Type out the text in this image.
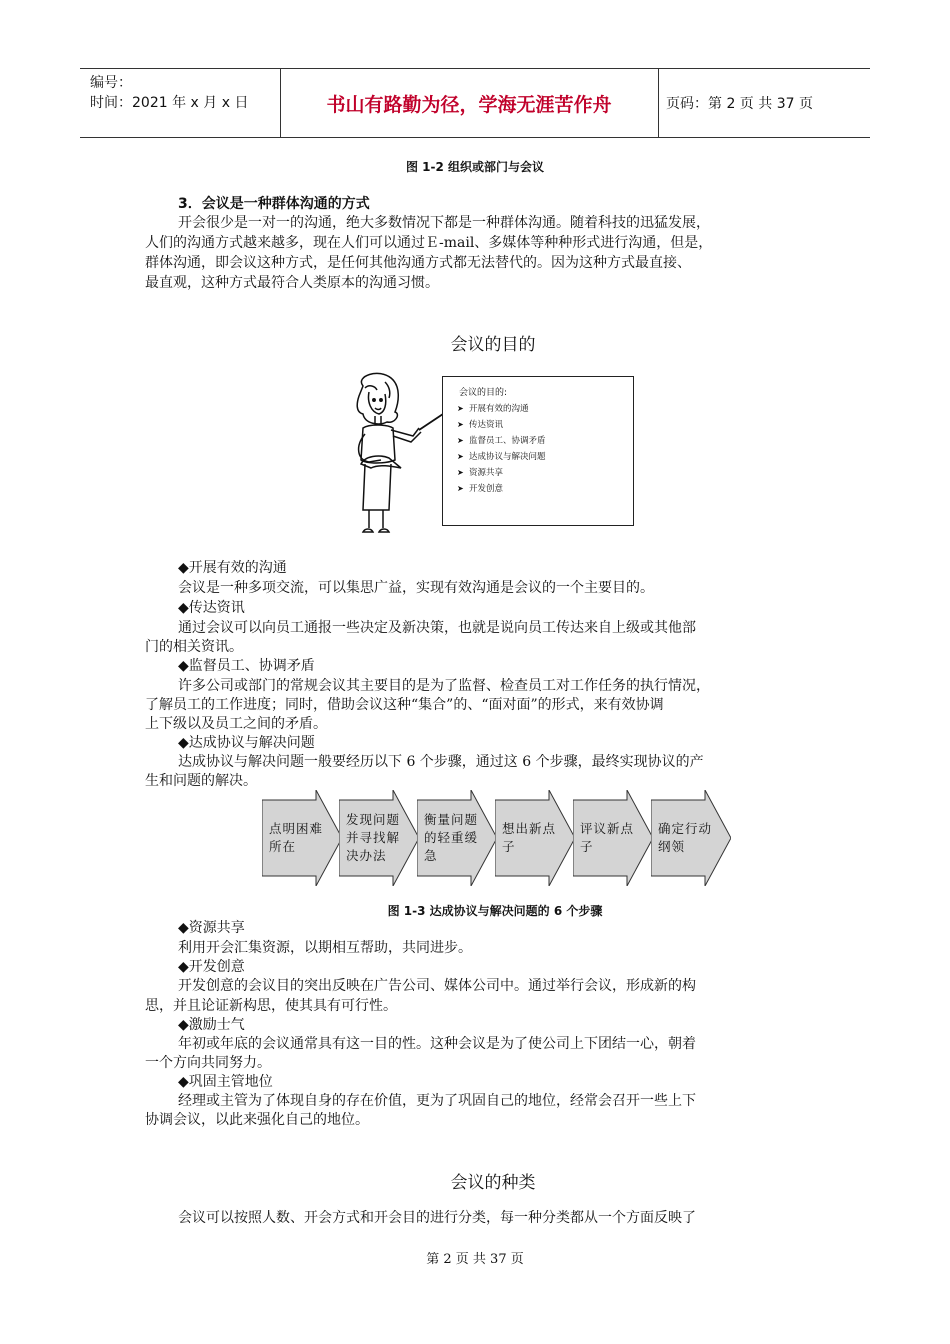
编号：
时间：2021 年 x 月 x 日	书山有路勤为径，学海无涯苦作舟	页码：第 2 页 共 37 页
图 1-2 组织或部门与会议
3．会议是一种群体沟通的方式
开会很少是一对一的沟通，绝大多数情况下都是一种群体沟通。随着科技的迅猛发展，
人们的沟通方式越来越多，现在人们可以通过Ｅ-mail、多媒体等种种形式进行沟通，但是，
群体沟通，即会议这种方式，是任何其他沟通方式都无法替代的。因为这种方式最直接、
最直观，这种方式最符合人类原本的沟通习惯。
会议的目的
会议的目的:
➤ 开展有效的沟通
➤ 传达资讯
➤ 监督员工、协调矛盾
➤ 达成协议与解决问题
➤ 资源共享
➤ 开发创意
◆开展有效的沟通
会议是一种多项交流，可以集思广益，实现有效沟通是会议的一个主要目的。
◆传达资讯
通过会议可以向员工通报一些决定及新决策，也就是说向员工传达来自上级或其他部
门的相关资讯。
◆监督员工、协调矛盾
许多公司或部门的常规会议其主要目的是为了监督、检查员工对工作任务的执行情况，
了解员工的工作进度；同时，借助会议这种“集合”的、“面对面”的形式，来有效协调
上下级以及员工之间的矛盾。
◆达成协议与解决问题
达成协议与解决问题一般要经历以下 6 个步骤，通过这 6 个步骤，最终实现协议的产
生和问题的解决。
点明困难所在
发现问题并寻找解决办法
衡量问题的轻重缓急
想出新点子
评议新点子
确定行动纲领
图 1-3 达成协议与解决问题的 6 个步骤
◆资源共享
利用开会汇集资源，以期相互帮助，共同进步。
◆开发创意
开发创意的会议目的突出反映在广告公司、媒体公司中。通过举行会议，形成新的构
思，并且论证新构思，使其具有可行性。
◆激励士气
年初或年底的会议通常具有这一目的性。这种会议是为了使公司上下团结一心，朝着
一个方向共同努力。
◆巩固主管地位
经理或主管为了体现自身的存在价值，更为了巩固自己的地位，经常会召开一些上下
协调会议，以此来强化自己的地位。
会议的种类
会议可以按照人数、开会方式和开会目的进行分类，每一种分类都从一个方面反映了
第 2 页 共 37 页
